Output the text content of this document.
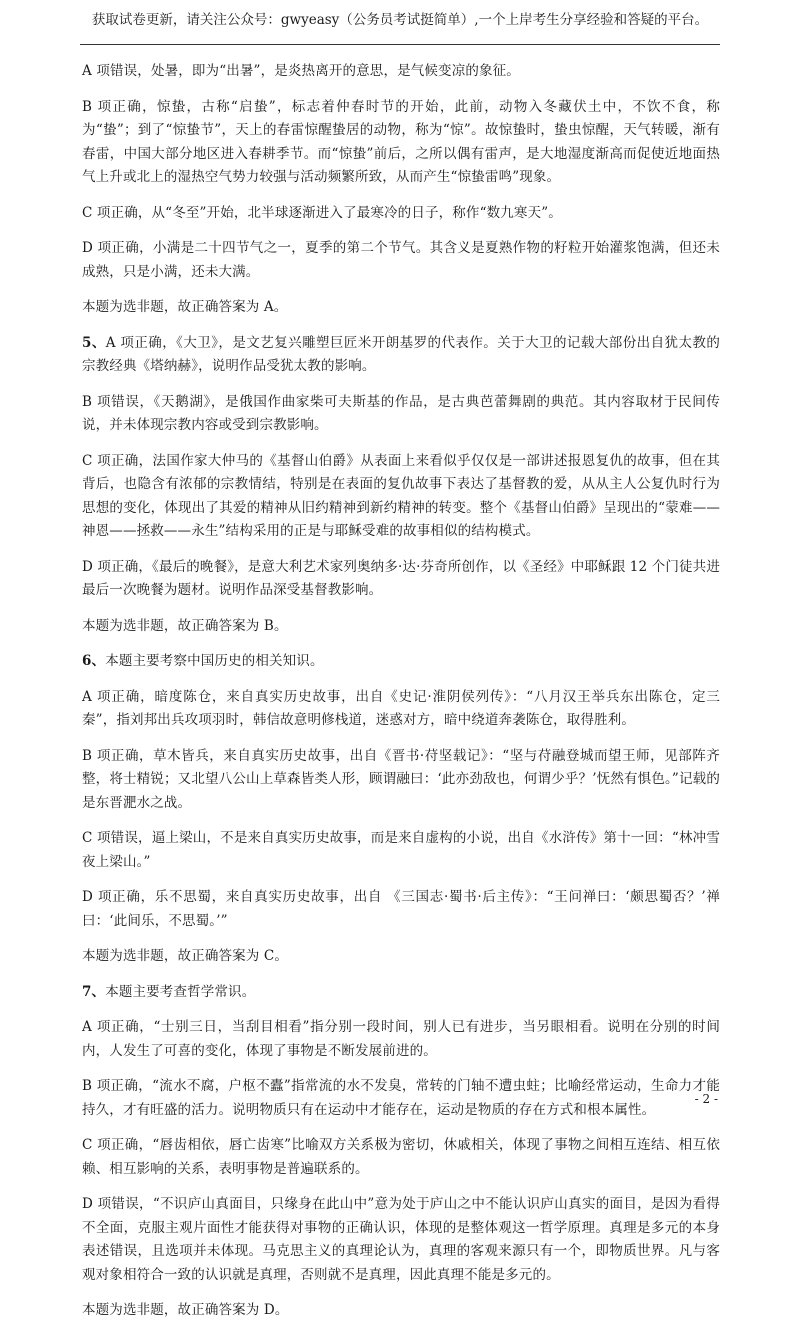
获取试卷更新，请关注公众号：gwyeasy（公务员考试挺简单）,一个上岸考生分享经验和答疑的平台。

A 项错误，处暑，即为“出暑”，是炎热离开的意思，是气候变凉的象征。

B 项正确，惊蛰，古称“启蛰”，标志着仲春时节的开始，此前，动物入冬藏伏土中，不饮不食，称为“蛰”；到了“惊蛰节”，天上的春雷惊醒蛰居的动物，称为“惊”。故惊蛰时，蛰虫惊醒，天气转暖，渐有春雷，中国大部分地区进入春耕季节。而“惊蛰”前后，之所以偶有雷声，是大地湿度渐高而促使近地面热气上升或北上的湿热空气势力较强与活动频繁所致，从而产生“惊蛰雷鸣”现象。

C 项正确，从“冬至”开始，北半球逐渐进入了最寒冷的日子，称作“数九寒天”。

D 项正确，小满是二十四节气之一，夏季的第二个节气。其含义是夏熟作物的籽粒开始灌浆饱满，但还未成熟，只是小满，还未大满。

本题为选非题，故正确答案为 A。

5、A 项正确，《大卫》，是文艺复兴雕塑巨匠米开朗基罗的代表作。关于大卫的记载大部份出自犹太教的宗教经典《塔纳赫》，说明作品受犹太教的影响。

B 项错误，《天鹅湖》，是俄国作曲家柴可夫斯基的作品，是古典芭蕾舞剧的典范。其内容取材于民间传说，并未体现宗教内容或受到宗教影响。

C 项正确，法国作家大仲马的《基督山伯爵》从表面上来看似乎仅仅是一部讲述报恩复仇的故事，但在其背后，也隐含有浓郁的宗教情结，特别是在表面的复仇故事下表达了基督教的爱，从从主人公复仇时行为思想的变化，体现出了其爱的精神从旧约精神到新约精神的转变。整个《基督山伯爵》呈现出的“蒙难——神恩——拯救——永生”结构采用的正是与耶稣受难的故事相似的结构模式。

D 项正确，《最后的晚餐》，是意大利艺术家列奥纳多·达·芬奇所创作，以《圣经》中耶稣跟 12 个门徒共进最后一次晚餐为题材。说明作品深受基督教影响。

本题为选非题，故正确答案为 B。

6、本题主要考察中国历史的相关知识。

A 项正确，暗度陈仓，来自真实历史故事，出自《史记·淮阴侯列传》：“八月汉王举兵东出陈仓，定三秦”，指刘邦出兵攻项羽时，韩信故意明修栈道，迷惑对方，暗中绕道奔袭陈仓，取得胜利。

B 项正确，草木皆兵，来自真实历史故事，出自《晋书·苻坚载记》：“坚与苻融登城而望王师，见部阵齐整，将士精锐；又北望八公山上草森皆类人形，顾谓融曰：‘此亦劲敌也，何谓少乎？’怃然有惧色。”记载的是东晋淝水之战。

C 项错误，逼上梁山，不是来自真实历史故事，而是来自虚构的小说，出自《水浒传》第十一回：“林冲雪夜上梁山。”

D 项正确，乐不思蜀，来自真实历史故事，出自 《三国志·蜀书·后主传》：“王问禅曰：‘颇思蜀否？’禅曰：‘此间乐，不思蜀。’”

本题为选非题，故正确答案为 C。

7、本题主要考查哲学常识。

A 项正确，“士别三日，当刮目相看”指分别一段时间，别人已有进步，当另眼相看。说明在分别的时间内，人发生了可喜的变化，体现了事物是不断发展前进的。

B 项正确，“流水不腐，户枢不蠹”指常流的水不发臭，常转的门轴不遭虫蛀；比喻经常运动，生命力才能持久，才有旺盛的活力。说明物质只有在运动中才能存在，运动是物质的存在方式和根本属性。

C 项正确，“唇齿相依，唇亡齿寒”比喻双方关系极为密切，休戚相关，体现了事物之间相互连结、相互依赖、相互影响的关系，表明事物是普遍联系的。

D 项错误，“不识庐山真面目，只缘身在此山中”意为处于庐山之中不能认识庐山真实的面目，是因为看得不全面，克服主观片面性才能获得对事物的正确认识，体现的是整体观这一哲学原理。真理是多元的本身表述错误，且选项并未体现。马克思主义的真理论认为，真理的客观来源只有一个，即物质世界。凡与客观对象相符合一致的认识就是真理，否则就不是真理，因此真理不能是多元的。

本题为选非题，故正确答案为 D。

- 2 -
